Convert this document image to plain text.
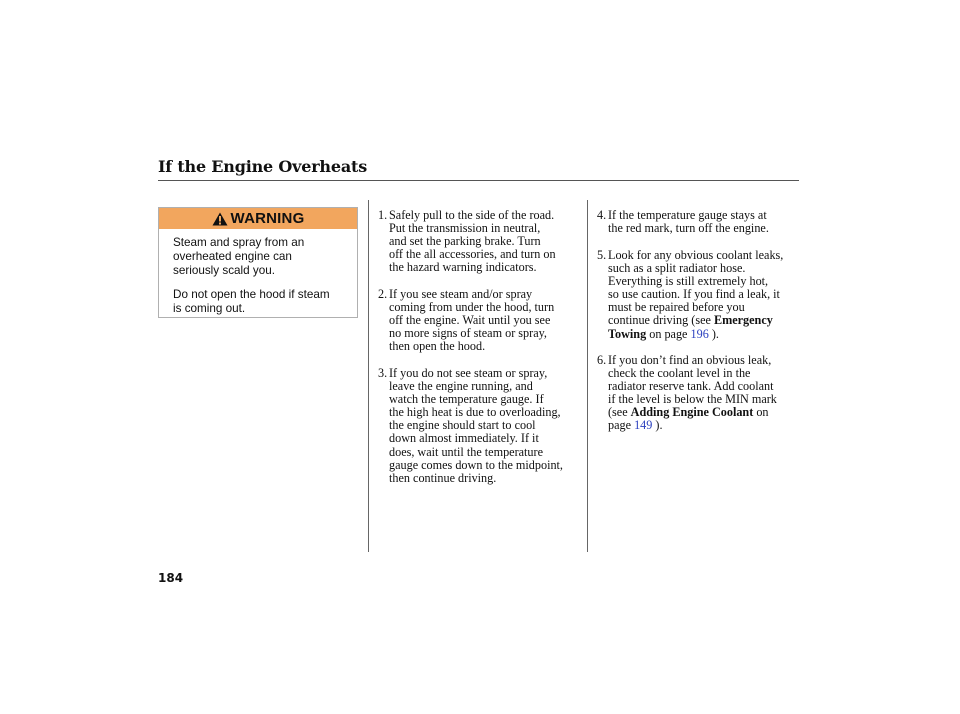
If the Engine Overheats
WARNING
Steam and spray from an
overheated engine can
seriously scald you.
Do not open the hood if steam
is coming out.
1. Safely pull to the side of the road.
Put the transmission in neutral,
and set the parking brake. Turn
off the all accessories, and turn on
the hazard warning indicators.
2. If you see steam and/or spray
coming from under the hood, turn
off the engine. Wait until you see
no more signs of steam or spray,
then open the hood.
3. If you do not see steam or spray,
leave the engine running, and
watch the temperature gauge. If
the high heat is due to overloading,
the engine should start to cool
down almost immediately. If it
does, wait until the temperature
gauge comes down to the midpoint,
then continue driving.
4. If the temperature gauge stays at
the red mark, turn off the engine.
5. Look for any obvious coolant leaks,
such as a split radiator hose.
Everything is still extremely hot,
so use caution. If you find a leak, it
must be repaired before you
continue driving (see Emergency
Towing on page 196 ).
6. If you don’t find an obvious leak,
check the coolant level in the
radiator reserve tank. Add coolant
if the level is below the MIN mark
(see Adding Engine Coolant on
page 149 ).
184
